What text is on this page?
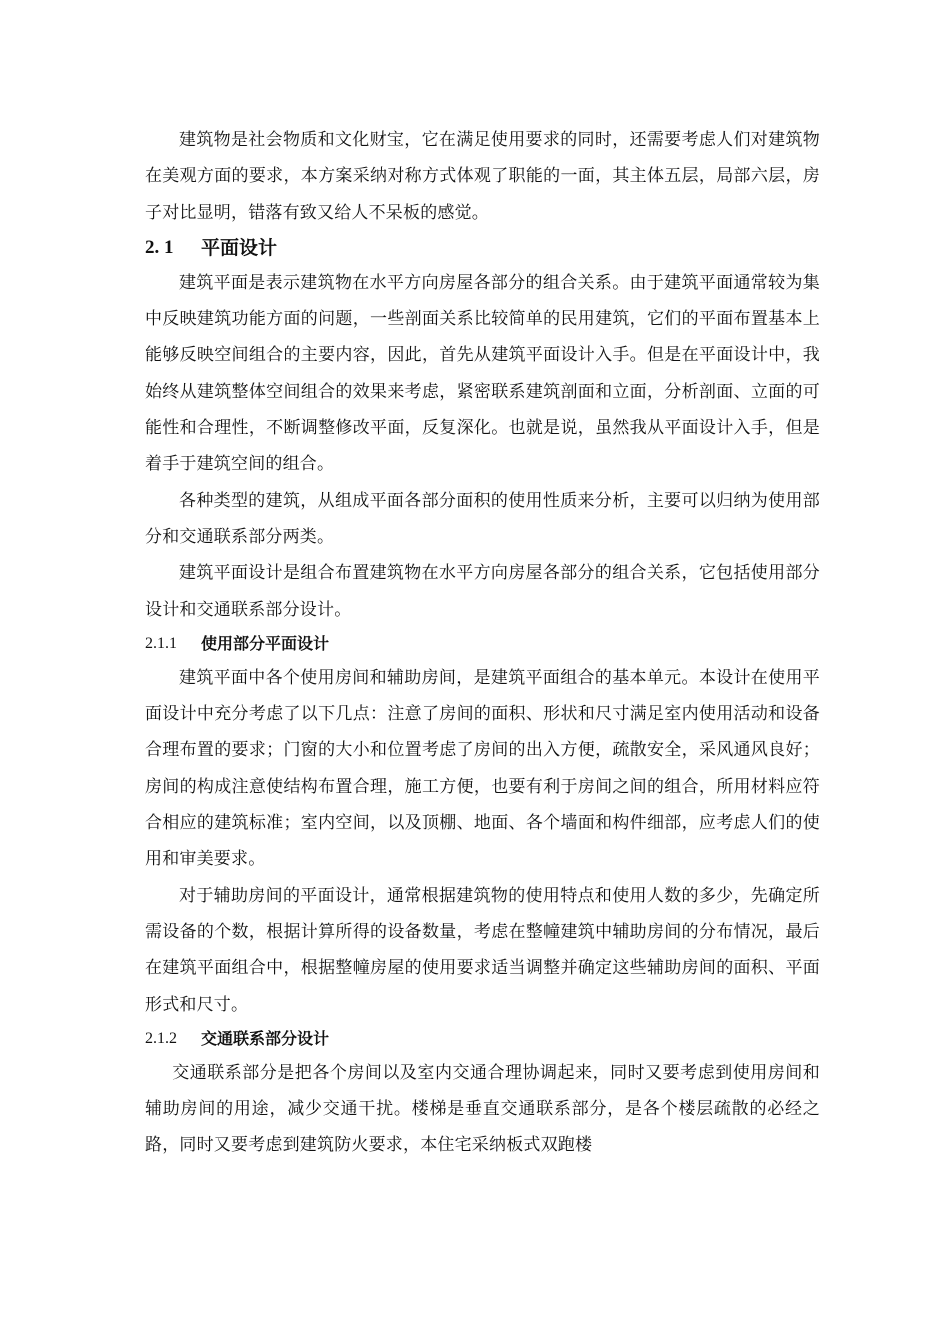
建筑物是社会物质和文化财宝，它在满足使用要求的同时，还需要考虑人们对建筑物在美观方面的要求，本方案采纳对称方式体观了职能的一面，其主体五层，局部六层，房子对比显明，错落有致又给人不呆板的感觉。

2. 1	平面设计

建筑平面是表示建筑物在水平方向房屋各部分的组合关系。由于建筑平面通常较为集中反映建筑功能方面的问题，一些剖面关系比较简单的民用建筑，它们的平面布置基本上能够反映空间组合的主要内容，因此，首先从建筑平面设计入手。但是在平面设计中，我始终从建筑整体空间组合的效果来考虑，紧密联系建筑剖面和立面，分析剖面、立面的可能性和合理性，不断调整修改平面，反复深化。也就是说，虽然我从平面设计入手，但是着手于建筑空间的组合。

各种类型的建筑，从组成平面各部分面积的使用性质来分析，主要可以归纳为使用部分和交通联系部分两类。

建筑平面设计是组合布置建筑物在水平方向房屋各部分的组合关系，它包括使用部分设计和交通联系部分设计。

2.1.1	使用部分平面设计

建筑平面中各个使用房间和辅助房间，是建筑平面组合的基本单元。本设计在使用平面设计中充分考虑了以下几点：注意了房间的面积、形状和尺寸满足室内使用活动和设备合理布置的要求；门窗的大小和位置考虑了房间的出入方便，疏散安全，采风通风良好；房间的构成注意使结构布置合理，施工方便，也要有利于房间之间的组合，所用材料应符合相应的建筑标准；室内空间，以及顶棚、地面、各个墙面和构件细部，应考虑人们的使用和审美要求。

对于辅助房间的平面设计，通常根据建筑物的使用特点和使用人数的多少，先确定所需设备的个数，根据计算所得的设备数量，考虑在整幢建筑中辅助房间的分布情况，最后在建筑平面组合中，根据整幢房屋的使用要求适当调整并确定这些辅助房间的面积、平面形式和尺寸。

2.1.2	交通联系部分设计

交通联系部分是把各个房间以及室内交通合理协调起来，同时又要考虑到使用房间和辅助房间的用途，减少交通干扰。楼梯是垂直交通联系部分，是各个楼层疏散的必经之路，同时又要考虑到建筑防火要求，本住宅采纳板式双跑楼
